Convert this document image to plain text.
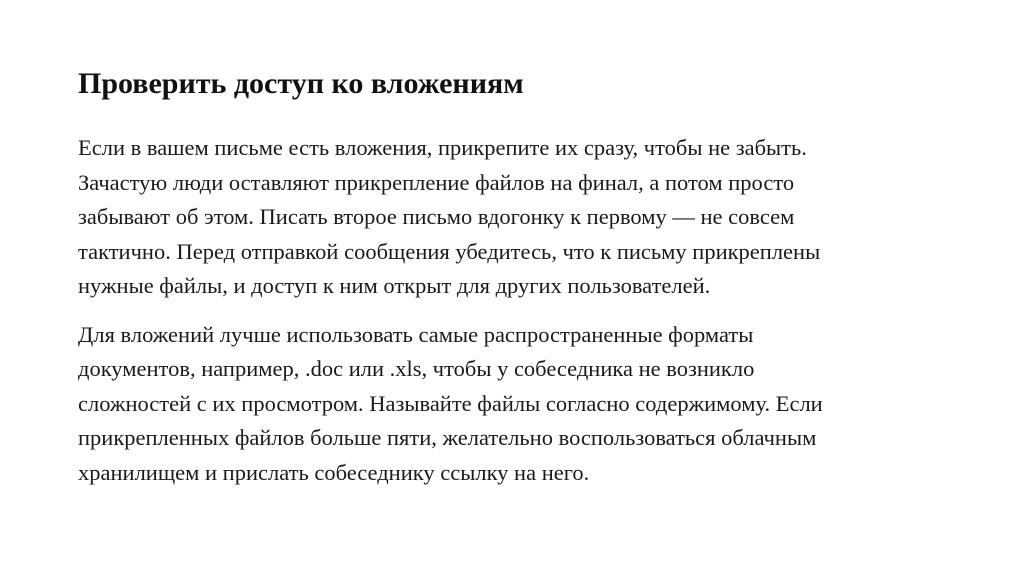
Проверить доступ ко вложениям

Если в вашем письме есть вложения, прикрепите их сразу, чтобы не забыть.
Зачастую люди оставляют прикрепление файлов на финал, а потом просто
забывают об этом. Писать второе письмо вдогонку к первому — не совсем
тактично. Перед отправкой сообщения убедитесь, что к письму прикреплены
нужные файлы, и доступ к ним открыт для других пользователей.

Для вложений лучше использовать самые распространенные форматы
документов, например, .doc или .xls, чтобы у собеседника не возникло
сложностей с их просмотром. Называйте файлы согласно содержимому. Если
прикрепленных файлов больше пяти, желательно воспользоваться облачным
хранилищем и прислать собеседнику ссылку на него.
